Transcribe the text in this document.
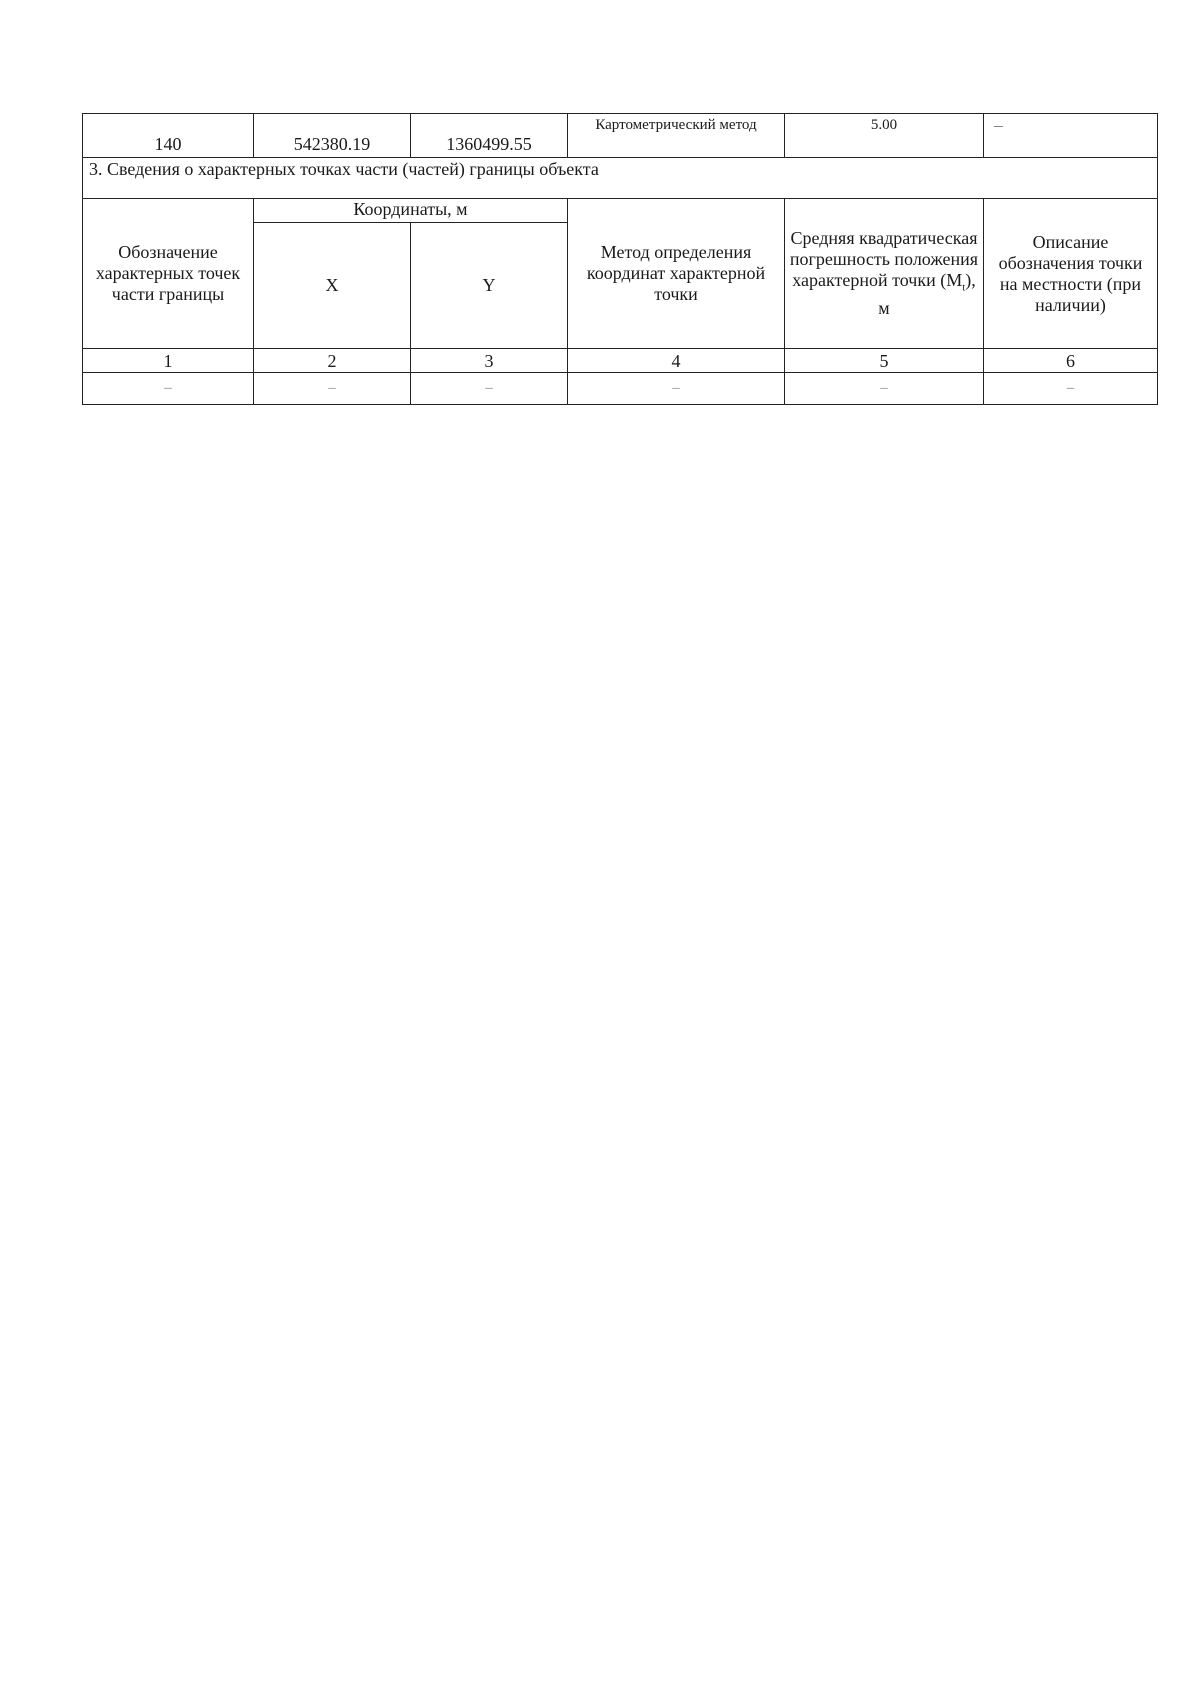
140	542380.19	1360499.55	Картометрический метод	5.00	–
3. Сведения о характерных точках части (частей) границы объекта					
Обозначение характерных точек части границы	Координаты, м		Метод определения координат характерной точки	Средняя квадратическая погрешность положения характерной точки $(M_t)$, м	Описание обозначения точки на местности (при наличии)
	X	Y			
1	2	3	4	5	6
–	–	–	–	–	–
